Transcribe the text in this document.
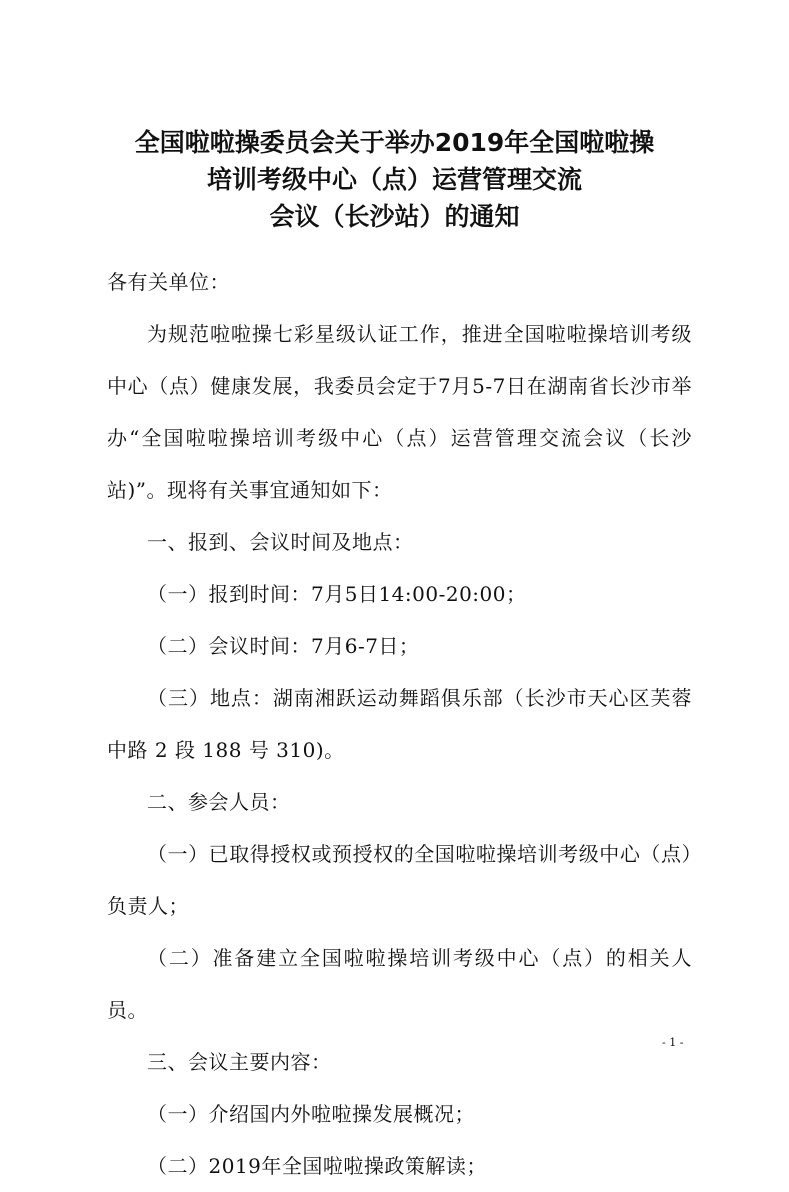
全国啦啦操委员会关于举办2019年全国啦啦操
培训考级中心（点）运营管理交流
会议（长沙站）的通知

各有关单位：

为规范啦啦操七彩星级认证工作，推进全国啦啦操培训考级中心（点）健康发展，我委员会定于7月5-7日在湖南省长沙市举办“全国啦啦操培训考级中心（点）运营管理交流会议（长沙站)”。现将有关事宜通知如下：

一、报到、会议时间及地点：

（一）报到时间：7月5日14:00-20:00；

（二）会议时间：7月6-7日；

（三）地点：湖南湘跃运动舞蹈俱乐部（长沙市天心区芙蓉中路 2 段 188 号 310)。

二、参会人员：

（一）已取得授权或预授权的全国啦啦操培训考级中心（点）负责人；

（二）准备建立全国啦啦操培训考级中心（点）的相关人员。

三、会议主要内容：

（一）介绍国内外啦啦操发展概况；

（二）2019年全国啦啦操政策解读；

- 1 -
